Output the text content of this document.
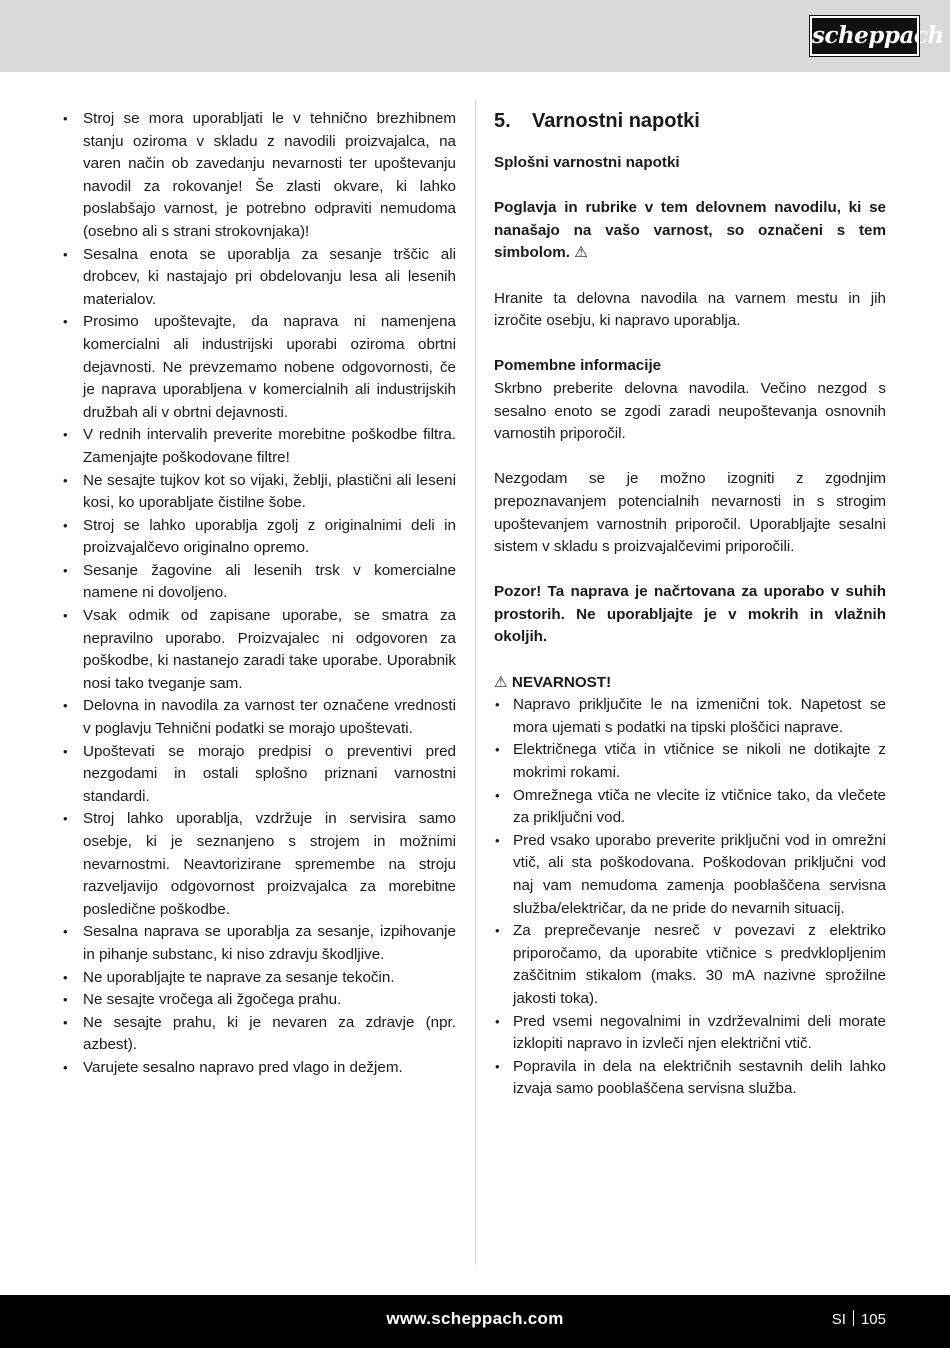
scheppach
• Stroj se mora uporabljati le v tehnično brezhibnem stanju oziroma v skladu z navodili proizvajalca, na varen način ob zavedanju nevarnosti ter upoštevanju navodil za rokovanje! Še zlasti okvare, ki lahko poslabšajo varnost, je potrebno odpraviti nemudoma (osebno ali s strani strokovnjaka)!
• Sesalna enota se uporablja za sesanje trščic ali drobcev, ki nastajajo pri obdelovanju lesa ali lesenih materialov.
• Prosimo upoštevajte, da naprava ni namenjena komercialni ali industrijski uporabi oziroma obrtni dejavnosti. Ne prevzemamo nobene odgovornosti, če je naprava uporabljena v komercialnih ali industrijskih družbah ali v obrtni dejavnosti.
• V rednih intervalih preverite morebitne poškodbe filtra. Zamenjajte poškodovane filtre!
• Ne sesajte tujkov kot so vijaki, žeblji, plastični ali leseni kosi, ko uporabljate čistilne šobe.
• Stroj se lahko uporablja zgolj z originalnimi deli in proizvajalčevo originalno opremo.
• Sesanje žagovine ali lesenih trsk v komercialne namene ni dovoljeno.
• Vsak odmik od zapisane uporabe, se smatra za nepravilno uporabo. Proizvajalec ni odgovoren za poškodbe, ki nastanejo zaradi take uporabe. Uporabnik nosi tako tveganje sam.
• Delovna in navodila za varnost ter označene vrednosti v poglavju Tehnični podatki se morajo upoštevati.
• Upoštevati se morajo predpisi o preventivi pred nezgodami in ostali splošno priznani varnostni standardi.
• Stroj lahko uporablja, vzdržuje in servisira samo osebje, ki je seznanjeno s strojem in možnimi nevarnostmi. Neavtorizirane spremembe na stroju razveljavijo odgovornost proizvajalca za morebitne posledične poškodbe.
• Sesalna naprava se uporablja za sesanje, izpihovanje in pihanje substanc, ki niso zdravju škodljive.
• Ne uporabljajte te naprave za sesanje tekočin.
• Ne sesajte vročega ali žgočega prahu.
• Ne sesajte prahu, ki je nevaren za zdravje (npr. azbest).
• Varujete sesalno napravo pred vlago in dežjem.
5.	Varnostni napotki

Splošni varnostni napotki

Poglavja in rubrike v tem delovnem navodilu, ki se nanašajo na vašo varnost, so označeni s tem simbolom. ⚠

Hranite ta delovna navodila na varnem mestu in jih izročite osebju, ki napravo uporablja.

Pomembne informacije

Skrbno preberite delovna navodila. Večino nezgod s sesalno enoto se zgodi zaradi neupoštevanja osnovnih varnostih priporočil.

Nezgodam se je možno izogniti z zgodnjim prepoznavanjem potencialnih nevarnosti in s strogim upoštevanjem varnostnih priporočil. Uporabljajte sesalni sistem v skladu s proizvajalčevimi priporočili.

Pozor! Ta naprava je načrtovana za uporabo v suhih prostorih. Ne uporabljajte je v mokrih in vlažnih okoljih.

⚠ NEVARNOST!

• Napravo priključite le na izmenični tok. Napetost se mora ujemati s podatki na tipski ploščici naprave.
• Električnega vtiča in vtičnice se nikoli ne dotikajte z mokrimi rokami.
• Omrežnega vtiča ne vlecite iz vtičnice tako, da vlečete za priključni vod.
• Pred vsako uporabo preverite priključni vod in omrežni vtič, ali sta poškodovana. Poškodovan priključni vod naj vam nemudoma zamenja pooblaščena servisna služba/električar, da ne pride do nevarnih situacij.
• Za preprečevanje nesreč v povezavi z elektriko priporočamo, da uporabite vtičnice s predvklopljenim zaščitnim stikalom (maks. 30 mA nazivne sprožilne jakosti toka).
• Pred vsemi negovalnimi in vzdrževalnimi deli morate izklopiti napravo in izvleči njen električni vtič.
• Popravila in dela na električnih sestavnih delih lahko izvaja samo pooblaščena servisna služba.
www.scheppach.com	SI 105
